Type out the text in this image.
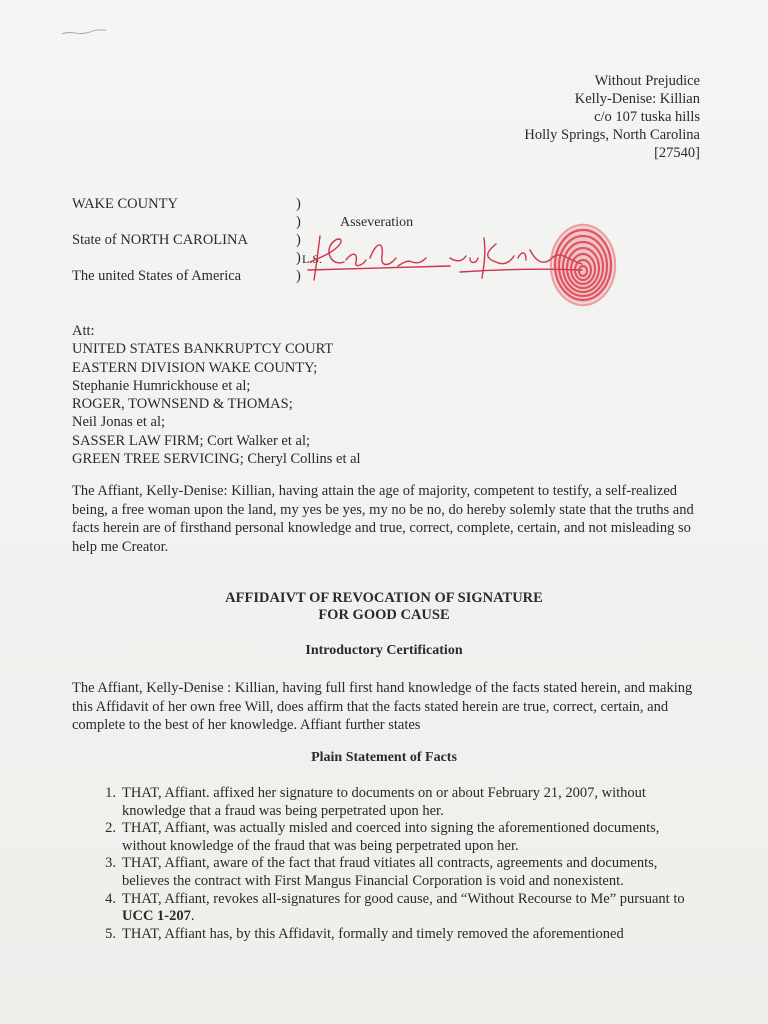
Without Prejudice
Kelly-Denise: Killian
c/o 107 tuska hills
Holly Springs, North Carolina
[27540]
WAKE COUNTY
State of NORTH CAROLINA
The united States of America
)
)
)
)
)
Asseveration
L.S.
Att:
UNITED STATES BANKRUPTCY COURT
EASTERN DIVISION WAKE COUNTY;
Stephanie Humrickhouse et al;
ROGER, TOWNSEND & THOMAS;
Neil Jonas et al;
SASSER LAW FIRM; Cort Walker et al;
GREEN TREE SERVICING; Cheryl Collins et al
The Affiant, Kelly-Denise: Killian, having attain the age of majority, competent to testify, a self-realized being, a free woman upon the land, my yes be yes, my no be no, do hereby solemly state that the truths and facts herein are of firsthand personal knowledge and true, correct, complete, certain, and not misleading so help me Creator.
AFFIDAIVT OF REVOCATION OF SIGNATURE
FOR GOOD CAUSE
Introductory Certification
The Affiant, Kelly-Denise : Killian, having full first hand knowledge of the facts stated herein, and making this Affidavit of her own free Will, does affirm that the facts stated herein are true, correct, certain, and complete to the best of her knowledge. Affiant further states
Plain Statement of Facts
1. THAT, Affiant. affixed her signature to documents on or about February 21, 2007, without knowledge that a fraud was being perpetrated upon her.
2. THAT, Affiant, was actually misled and coerced into signing the aforementioned documents, without knowledge of the fraud that was being perpetrated upon her.
3. THAT, Affiant, aware of the fact that fraud vitiates all contracts, agreements and documents, believes the contract with First Mangus Financial Corporation is void and nonexistent.
4. THAT, Affiant, revokes all-signatures for good cause, and “Without Recourse to Me” pursuant to UCC 1-207.
5. THAT, Affiant has, by this Affidavit, formally and timely removed the aforementioned
